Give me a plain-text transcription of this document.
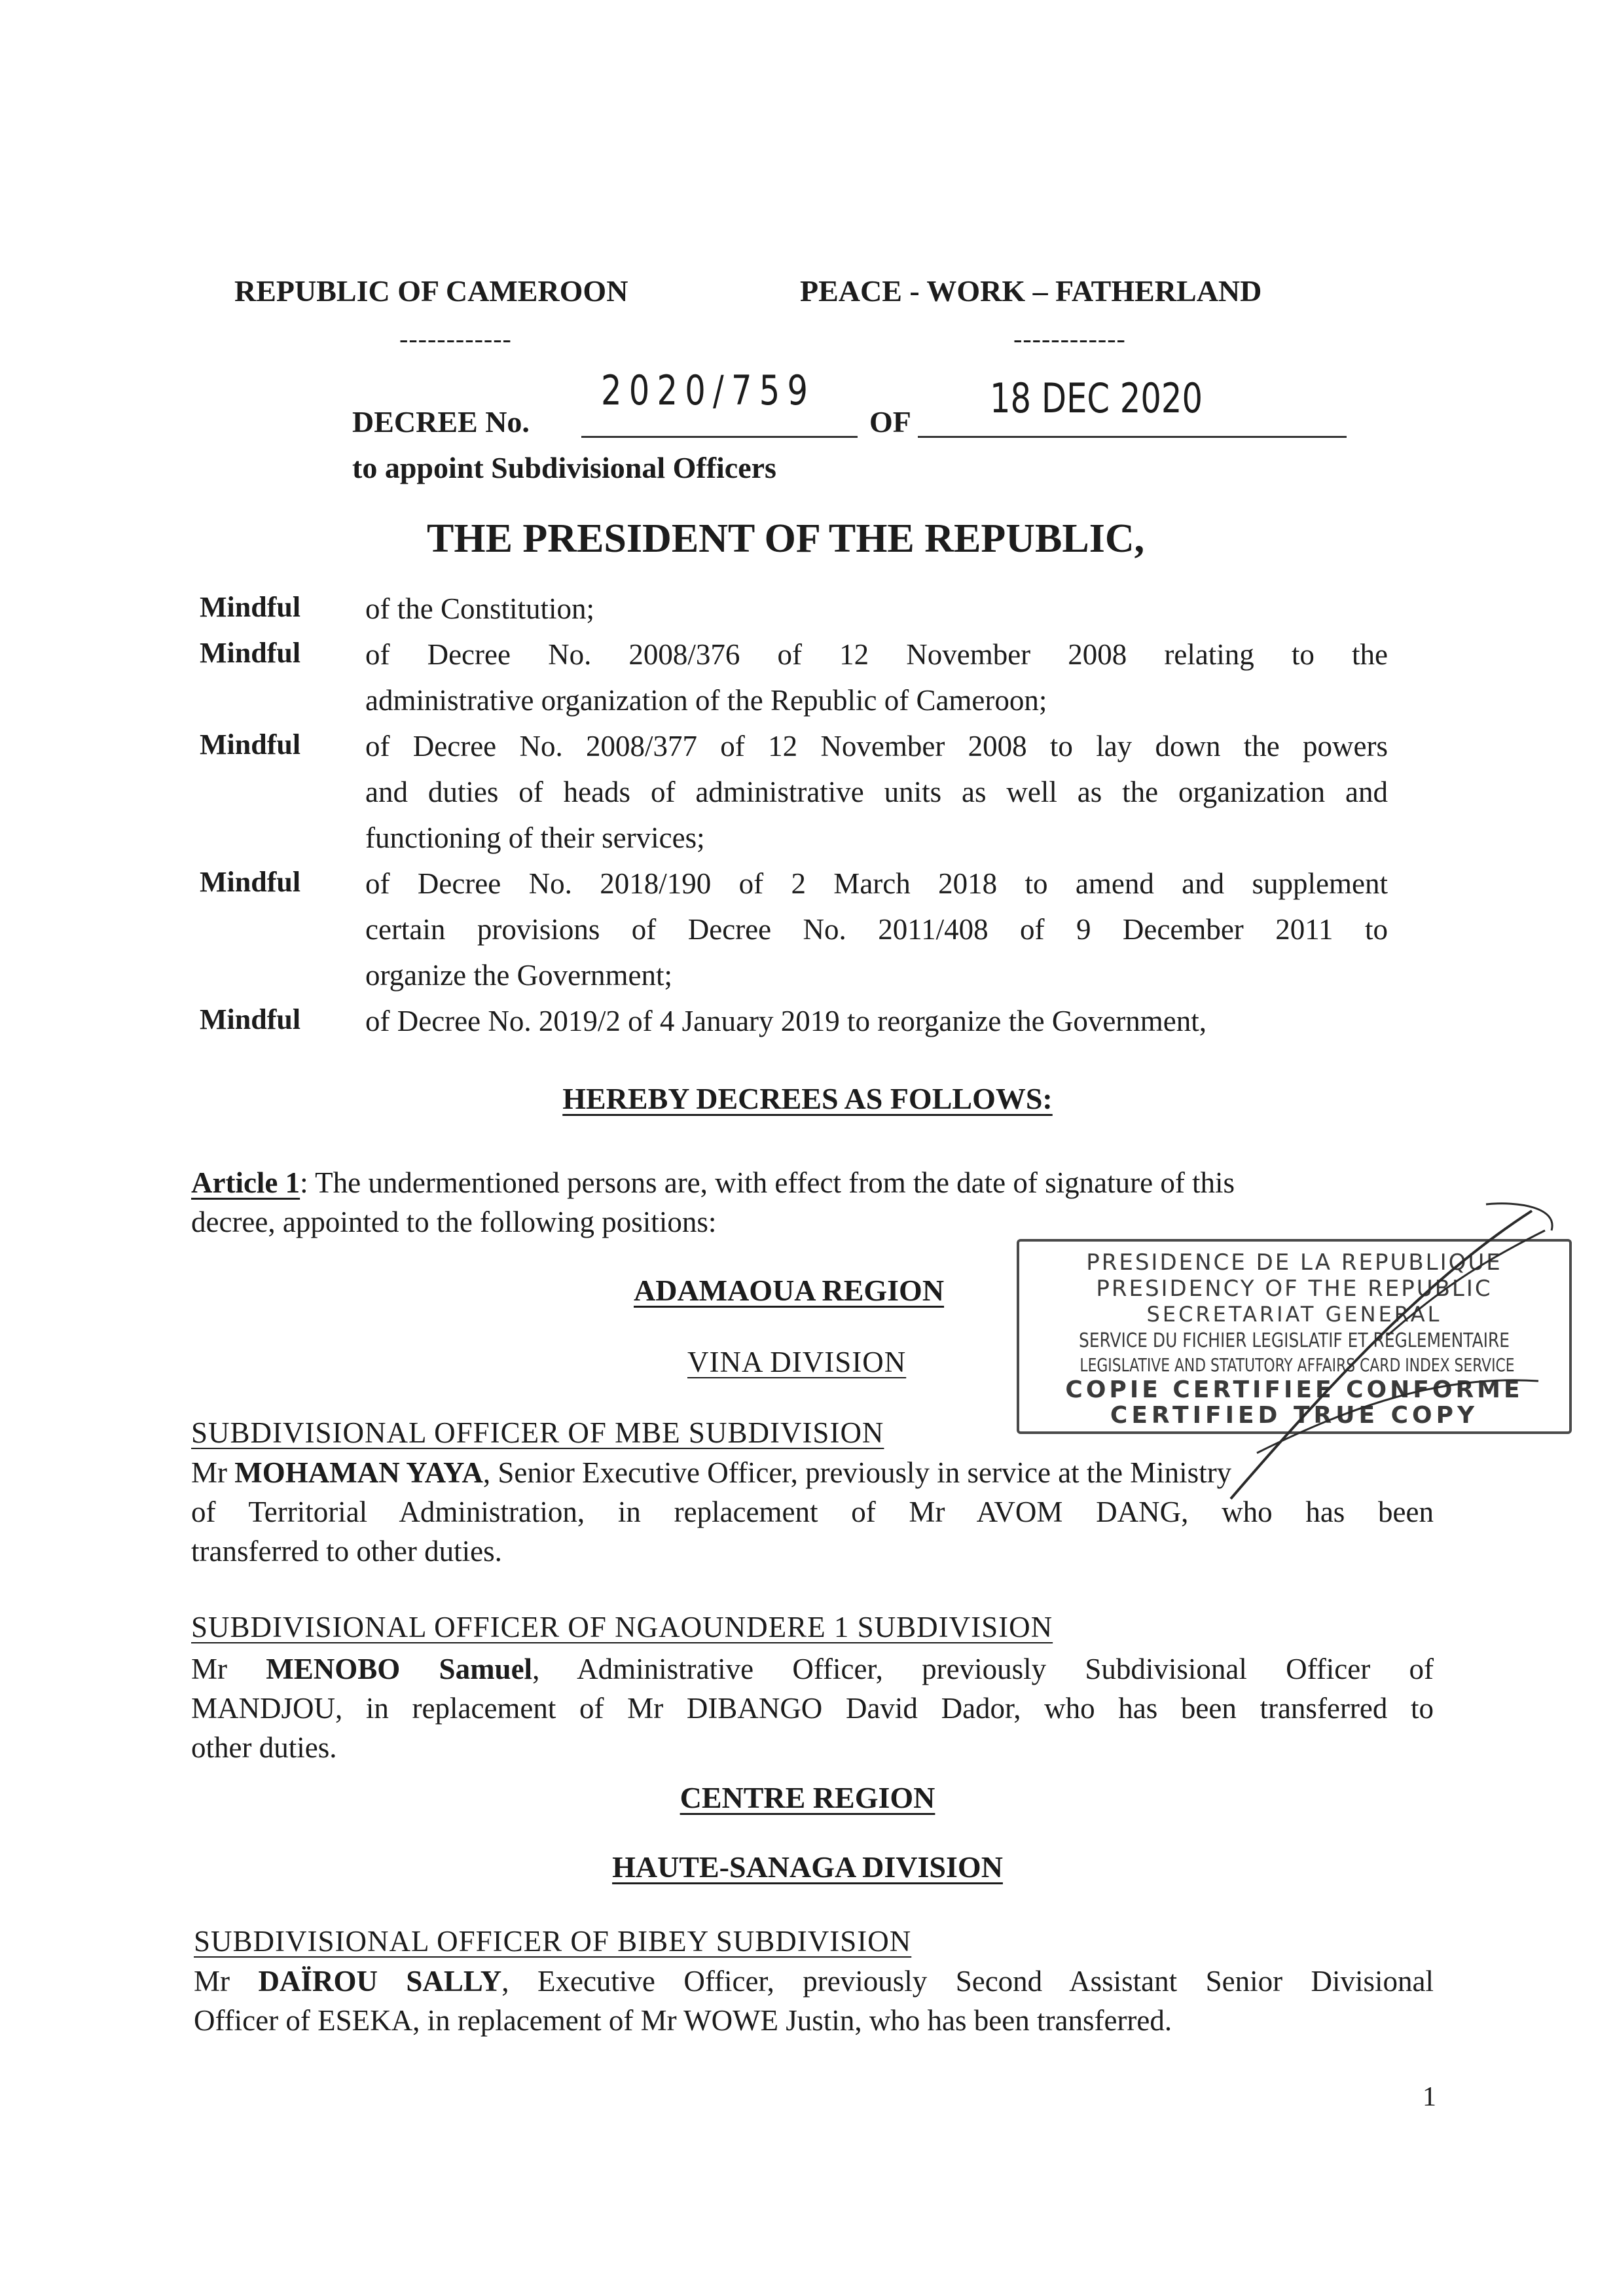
REPUBLIC OF CAMEROON	PEACE - WORK – FATHERLAND
------------	------------
DECREE No.
2020/759
OF 18 DEC 2020
to appoint Subdivisional Officers
THE PRESIDENT OF THE REPUBLIC,
Mindful of the Constitution;
Mindful of Decree No. 2008/376 of 12 November 2008 relating to the
administrative organization of the Republic of Cameroon;
Mindful of Decree No. 2008/377 of 12 November 2008 to lay down the powers
and duties of heads of administrative units as well as the organization and
functioning of their services;
Mindful of Decree No. 2018/190 of 2 March 2018 to amend and supplement
certain provisions of Decree No. 2011/408 of 9 December 2011 to
organize the Government;
Mindful of Decree No. 2019/2 of 4 January 2019 to reorganize the Government,
HEREBY DECREES AS FOLLOWS:
Article 1: The undermentioned persons are, with effect from the date of signature of this
decree, appointed to the following positions:
ADAMAOUA REGION
VINA DIVISION
SUBDIVISIONAL OFFICER OF MBE SUBDIVISION
Mr MOHAMAN YAYA, Senior Executive Officer, previously in service at the Ministry
of Territorial Administration, in replacement of Mr AVOM DANG, who has been
transferred to other duties.
SUBDIVISIONAL OFFICER OF NGAOUNDERE 1 SUBDIVISION
Mr MENOBO Samuel, Administrative Officer, previously Subdivisional Officer of
MANDJOU, in replacement of Mr DIBANGO David Dador, who has been transferred to
other duties.
CENTRE REGION
HAUTE-SANAGA DIVISION
SUBDIVISIONAL OFFICER OF BIBEY SUBDIVISION
Mr DAÏROU SALLY, Executive Officer, previously Second Assistant Senior Divisional
Officer of ESEKA, in replacement of Mr WOWE Justin, who has been transferred.
1
PRESIDENCE DE LA REPUBLIQUE
PRESIDENCY OF THE REPUBLIC
SECRETARIAT GENERAL
SERVICE DU FICHIER LEGISLATIF ET REGLEMENTAIRE
LEGISLATIVE AND STATUTORY AFFAIRS CARD INDEX SERVICE
COPIE CERTIFIEE CONFORME
CERTIFIED TRUE COPY
